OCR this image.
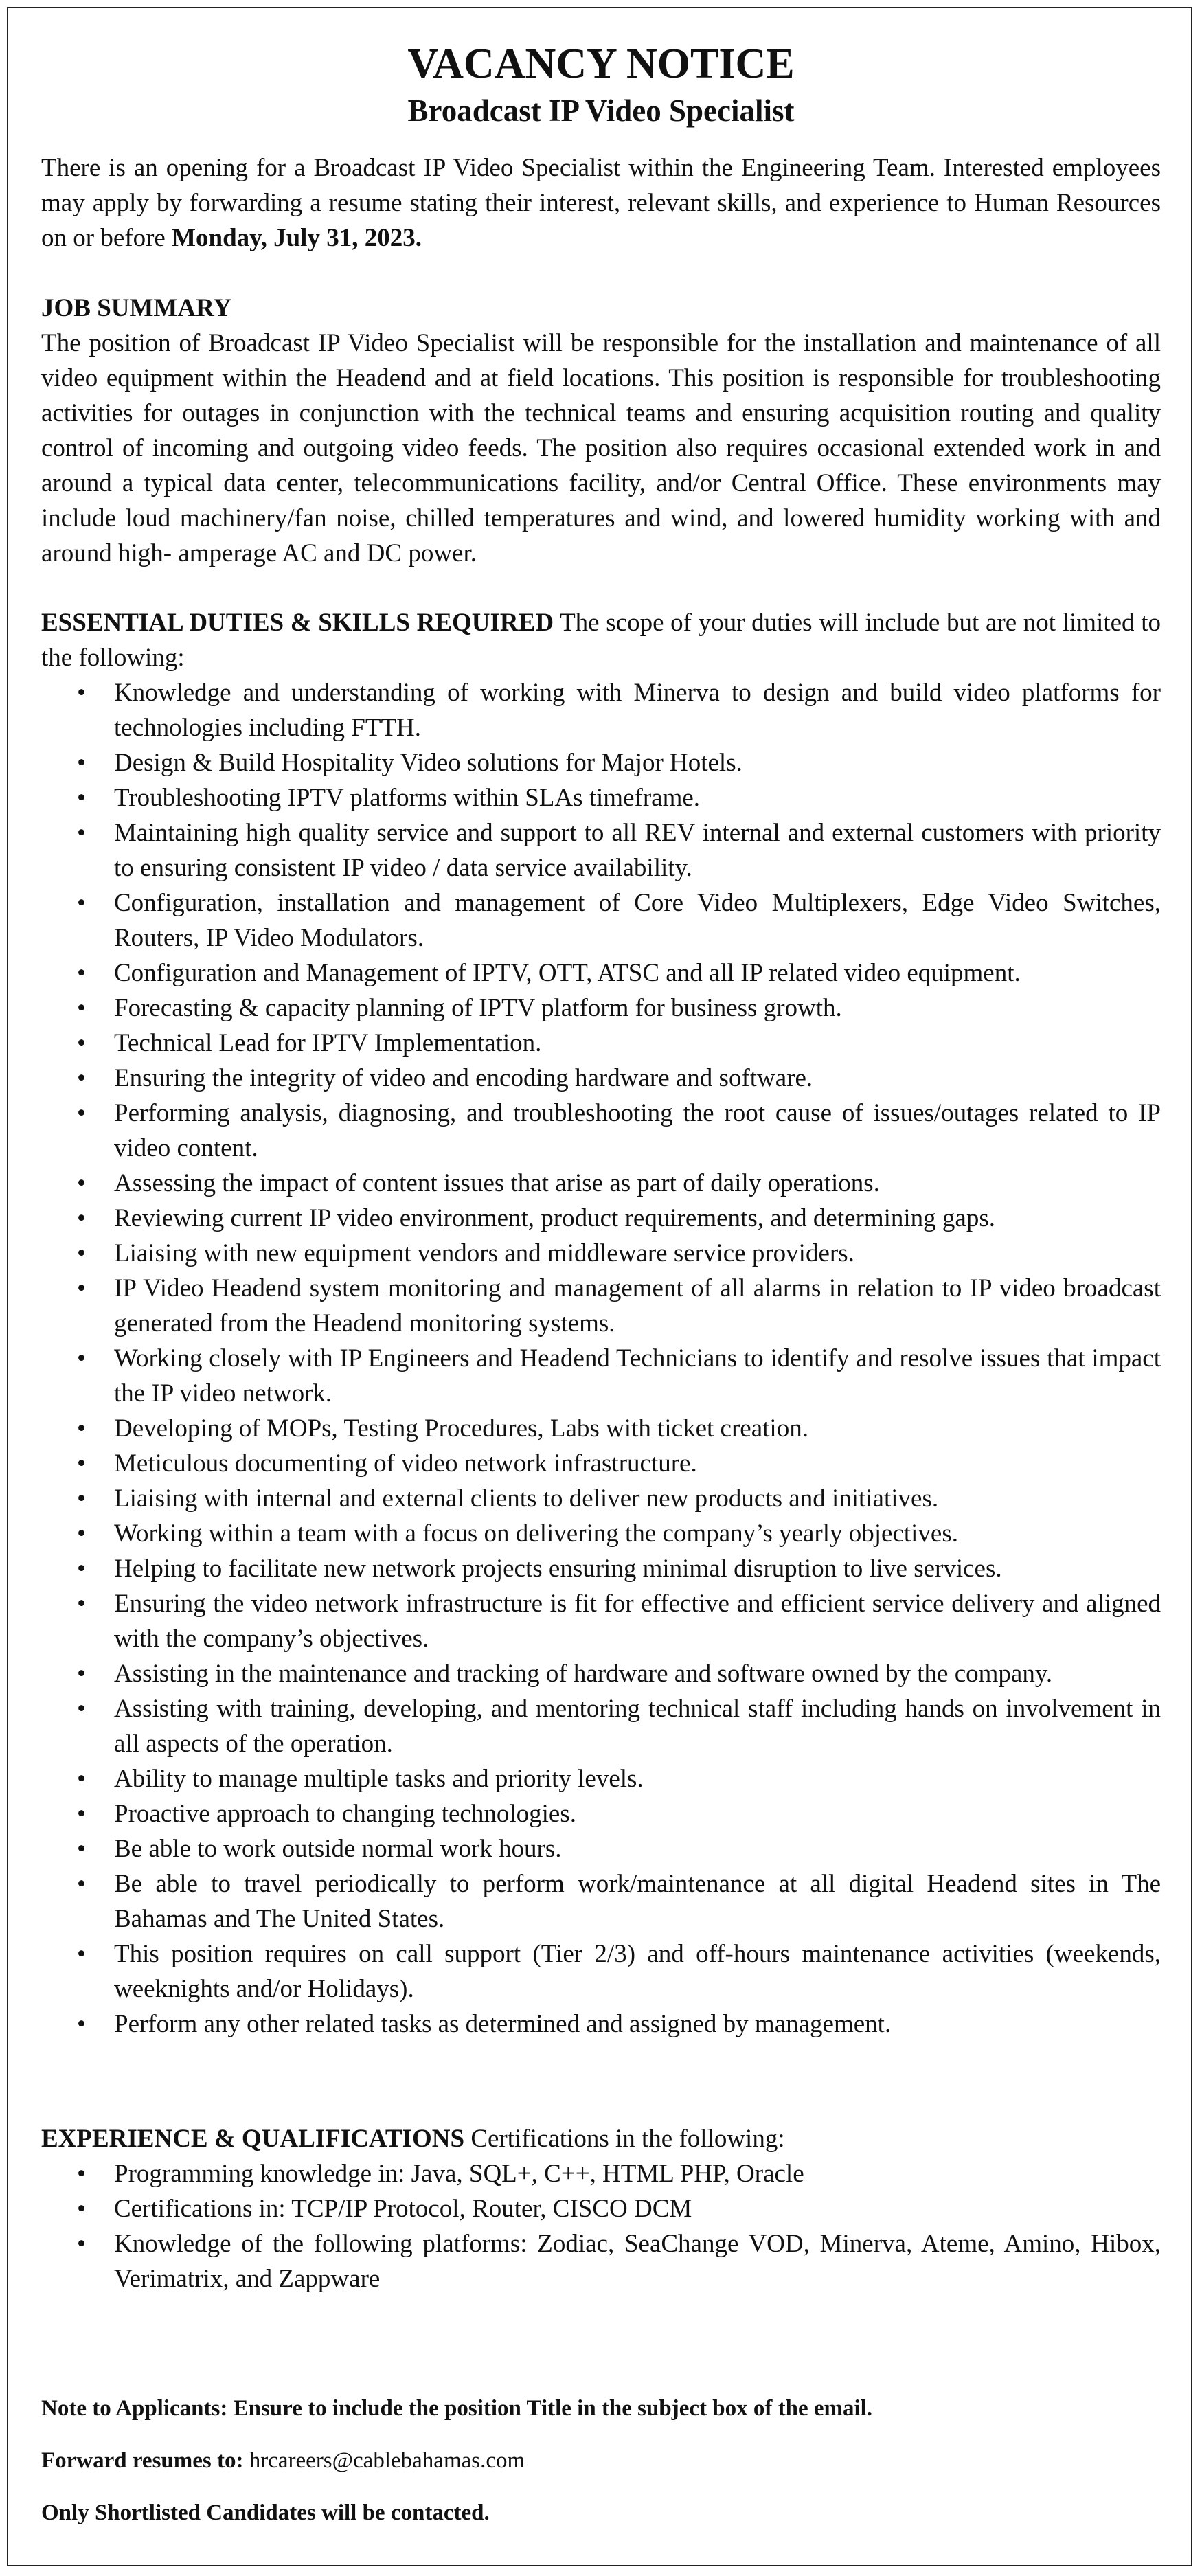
VACANCY NOTICE
Broadcast IP Video Specialist

There is an opening for a Broadcast IP Video Specialist within the Engineering Team. Interested employees may apply by forwarding a resume stating their interest, relevant skills, and experience to Human Resources on or before Monday, July 31, 2023.

JOB SUMMARY

The position of Broadcast IP Video Specialist will be responsible for the installation and maintenance of all video equipment within the Headend and at field locations. This position is responsible for troubleshooting activities for outages in conjunction with the technical teams and ensuring acquisition routing and quality control of incoming and outgoing video feeds. The position also requires occasional extended work in and around a typical data center, telecommunications facility, and/or Central Office. These environments may include loud machinery/fan noise, chilled temperatures and wind, and lowered humidity working with and around high- amperage AC and DC power.

ESSENTIAL DUTIES & SKILLS REQUIRED The scope of your duties will include but are not limited to the following:

• Knowledge and understanding of working with Minerva to design and build video platforms for technologies including FTTH.
• Design & Build Hospitality Video solutions for Major Hotels.
• Troubleshooting IPTV platforms within SLAs timeframe.
• Maintaining high quality service and support to all REV internal and external customers with priority to ensuring consistent IP video / data service availability.
• Configuration, installation and management of Core Video Multiplexers, Edge Video Switches, Routers, IP Video Modulators.
• Configuration and Management of IPTV, OTT, ATSC and all IP related video equipment.
• Forecasting & capacity planning of IPTV platform for business growth.
• Technical Lead for IPTV Implementation.
• Ensuring the integrity of video and encoding hardware and software.
• Performing analysis, diagnosing, and troubleshooting the root cause of issues/outages related to IP video content.
• Assessing the impact of content issues that arise as part of daily operations.
• Reviewing current IP video environment, product requirements, and determining gaps.
• Liaising with new equipment vendors and middleware service providers.
• IP Video Headend system monitoring and management of all alarms in relation to IP video broadcast generated from the Headend monitoring systems.
• Working closely with IP Engineers and Headend Technicians to identify and resolve issues that impact the IP video network.
• Developing of MOPs, Testing Procedures, Labs with ticket creation.
• Meticulous documenting of video network infrastructure.
• Liaising with internal and external clients to deliver new products and initiatives.
• Working within a team with a focus on delivering the company’s yearly objectives.
• Helping to facilitate new network projects ensuring minimal disruption to live services.
• Ensuring the video network infrastructure is fit for effective and efficient service delivery and aligned with the company’s objectives.
• Assisting in the maintenance and tracking of hardware and software owned by the company.
• Assisting with training, developing, and mentoring technical staff including hands on involvement in all aspects of the operation.
• Ability to manage multiple tasks and priority levels.
• Proactive approach to changing technologies.
• Be able to work outside normal work hours.
• Be able to travel periodically to perform work/maintenance at all digital Headend sites in The Bahamas and The United States.
• This position requires on call support (Tier 2/3) and off-hours maintenance activities (weekends, weeknights and/or Holidays).
• Perform any other related tasks as determined and assigned by management.

EXPERIENCE & QUALIFICATIONS Certifications in the following:

• Programming knowledge in: Java, SQL+, C++, HTML PHP, Oracle
• Certifications in: TCP/IP Protocol, Router, CISCO DCM
• Knowledge of the following platforms: Zodiac, SeaChange VOD, Minerva, Ateme, Amino, Hibox, Verimatrix, and Zappware
Note to Applicants: Ensure to include the position Title in the subject box of the email.
Forward resumes to: hrcareers@cablebahamas.com
Only Shortlisted Candidates will be contacted.
